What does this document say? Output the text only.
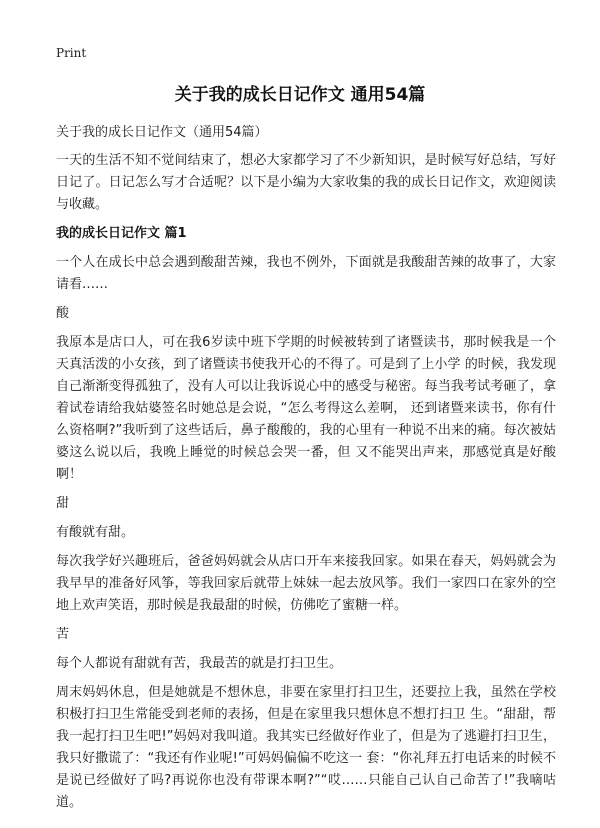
Print
关于我的成长日记作文 通用54篇

关于我的成长日记作文（通用54篇）

一天的生活不知不觉间结束了，想必大家都学习了不少新知识，是时候写好总结，写好日记了。日记怎么写才合适呢？以下是小编为大家收集的我的成长日记作文，欢迎阅读与收藏。

我的成长日记作文 篇1

一个人在成长中总会遇到酸甜苦辣，我也不例外，下面就是我酸甜苦辣的故事了，大家请看……

酸

我原本是店口人，可在我6岁读中班下学期的时候被转到了诸暨读书，那时候我是一个天真活泼的小女孩，到了诸暨读书使我开心的不得了。可是到了上小学 的时候，我发现自己渐渐变得孤独了，没有人可以让我诉说心中的感受与秘密。每当我考试考砸了，拿着试卷请给我姑婆签名时她总是会说，“怎么考得这么差啊， 还到诸暨来读书，你有什么资格啊?”我听到了这些话后，鼻子酸酸的，我的心里有一种说不出来的痛。每次被姑婆这么说以后，我晚上睡觉的时候总会哭一番，但 又不能哭出声来，那感觉真是好酸啊！

甜

有酸就有甜。

每次我学好兴趣班后，爸爸妈妈就会从店口开车来接我回家。如果在春天，妈妈就会为我早早的准备好风筝，等我回家后就带上妹妹一起去放风筝。我们一家四口在家外的空地上欢声笑语，那时候是我最甜的时候，仿佛吃了蜜糖一样。

苦

每个人都说有甜就有苦，我最苦的就是打扫卫生。

周末妈妈休息，但是她就是不想休息，非要在家里打扫卫生，还要拉上我，虽然在学校积极打扫卫生常能受到老师的表扬，但是在家里我只想休息不想打扫卫 生。“甜甜，帮我一起打扫卫生吧!”妈妈对我叫道。我其实已经做好作业了，但是为了逃避打扫卫生，我只好撒谎了：“我还有作业呢!”可妈妈偏偏不吃这一 套：“你礼拜五打电话来的时候不是说已经做好了吗?再说你也没有带课本啊?”“哎……只能自己认自己命苦了!”我嘀咕道。
